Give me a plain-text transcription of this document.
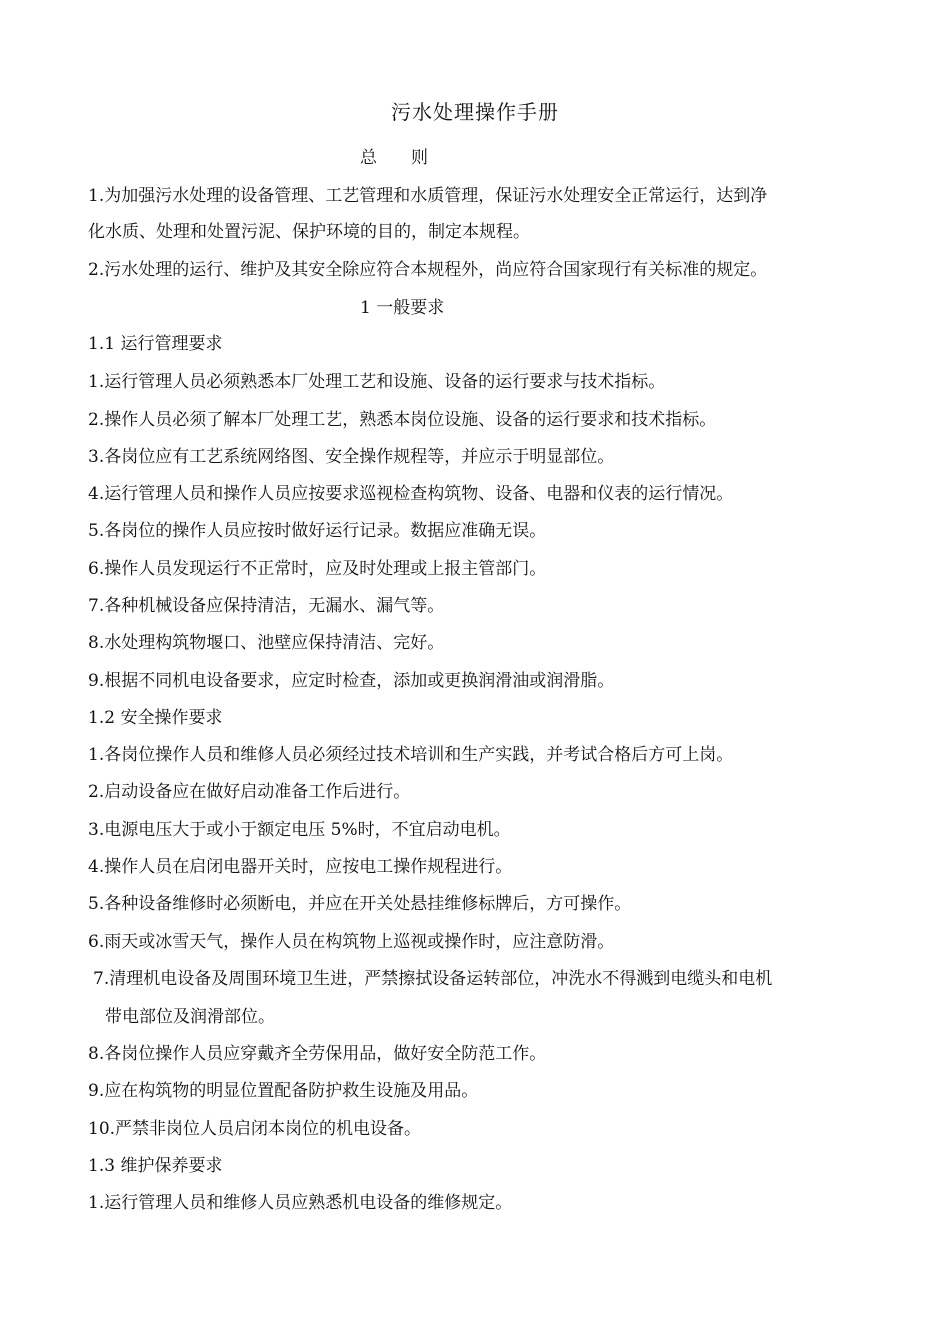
污水处理操作手册
总　　则
1.为加强污水处理的设备管理、工艺管理和水质管理，保证污水处理安全正常运行，达到净
化水质、处理和处置污泥、保护环境的目的，制定本规程。
2.污水处理的运行、维护及其安全除应符合本规程外，尚应符合国家现行有关标准的规定。
1 一般要求
1.1 运行管理要求
1.运行管理人员必须熟悉本厂处理工艺和设施、设备的运行要求与技术指标。
2.操作人员必须了解本厂处理工艺，熟悉本岗位设施、设备的运行要求和技术指标。
3.各岗位应有工艺系统网络图、安全操作规程等，并应示于明显部位。
4.运行管理人员和操作人员应按要求巡视检查构筑物、设备、电器和仪表的运行情况。
5.各岗位的操作人员应按时做好运行记录。数据应准确无误。
6.操作人员发现运行不正常时，应及时处理或上报主管部门。
7.各种机械设备应保持清洁，无漏水、漏气等。
8.水处理构筑物堰口、池壁应保持清洁、完好。
9.根据不同机电设备要求，应定时检查，添加或更换润滑油或润滑脂。
1.2 安全操作要求
1.各岗位操作人员和维修人员必须经过技术培训和生产实践，并考试合格后方可上岗。
2.启动设备应在做好启动准备工作后进行。
3.电源电压大于或小于额定电压 5%时，不宜启动电机。
4.操作人员在启闭电器开关时，应按电工操作规程进行。
5.各种设备维修时必须断电，并应在开关处悬挂维修标牌后，方可操作。
6.雨天或冰雪天气，操作人员在构筑物上巡视或操作时，应注意防滑。
7.清理机电设备及周围环境卫生进，严禁擦拭设备运转部位，冲洗水不得溅到电缆头和电机
带电部位及润滑部位。
8.各岗位操作人员应穿戴齐全劳保用品，做好安全防范工作。
9.应在构筑物的明显位置配备防护救生设施及用品。
10.严禁非岗位人员启闭本岗位的机电设备。
1.3 维护保养要求
1.运行管理人员和维修人员应熟悉机电设备的维修规定。
